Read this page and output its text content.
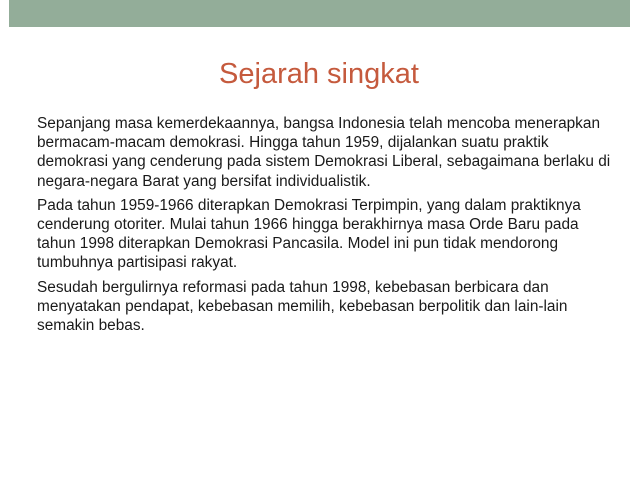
Sejarah singkat

Sepanjang masa kemerdekaannya, bangsa Indonesia telah mencoba menerapkan bermacam-macam demokrasi. Hingga tahun 1959, dijalankan suatu praktik demokrasi yang cenderung pada sistem Demokrasi Liberal, sebagaimana berlaku di negara-negara Barat yang bersifat individualistik.

Pada tahun 1959-1966 diterapkan Demokrasi Terpimpin, yang dalam praktiknya cenderung otoriter. Mulai tahun 1966 hingga berakhirnya masa Orde Baru pada tahun 1998 diterapkan Demokrasi Pancasila. Model ini pun tidak mendorong tumbuhnya partisipasi rakyat.

Sesudah bergulirnya reformasi pada tahun 1998, kebebasan berbicara dan menyatakan pendapat, kebebasan memilih, kebebasan berpolitik dan lain-lain semakin bebas.
